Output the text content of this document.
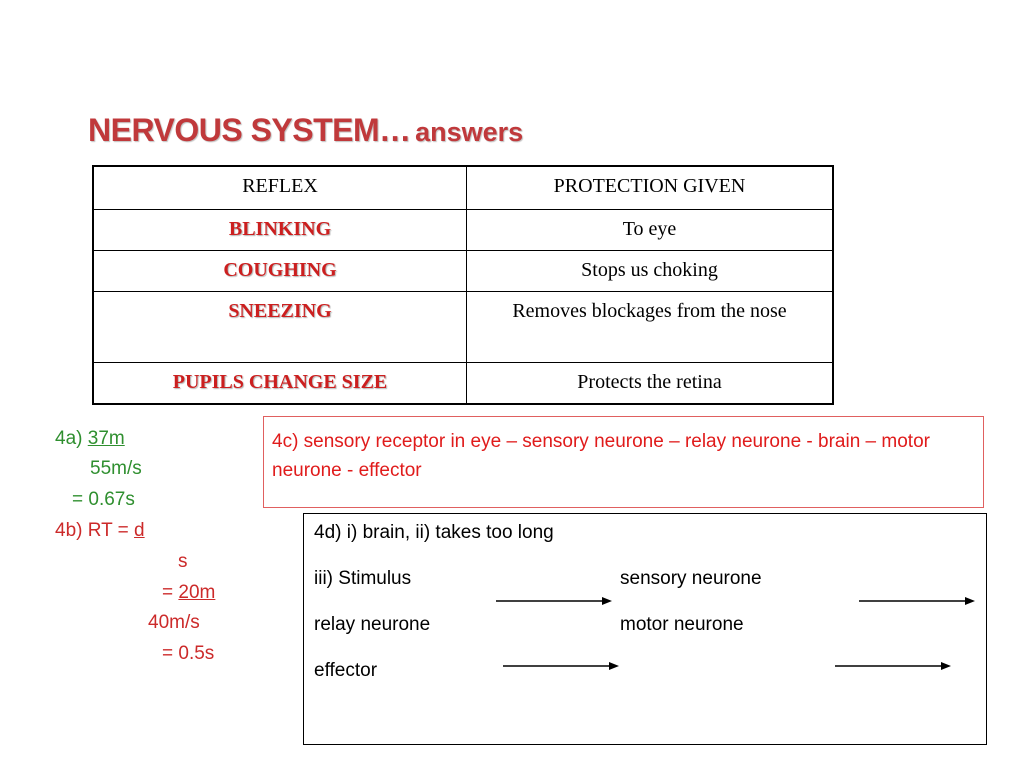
NERVOUS SYSTEM… answers
REFLEX	PROTECTION GIVEN
BLINKING	To eye
COUGHING	Stops us choking
SNEEZING	Removes blockages from the nose
PUPILS CHANGE SIZE	Protects the retina
4a) 37m
55m/s
= 0.67s
4b) RT = d
s
= 20m
40m/s
= 0.5s
4c) sensory receptor in eye – sensory neurone – relay neurone - brain – motor neurone - effector
4d) i) brain, ii) takes too long
iii) Stimulus	sensory neurone
relay neurone	motor neurone
effector
